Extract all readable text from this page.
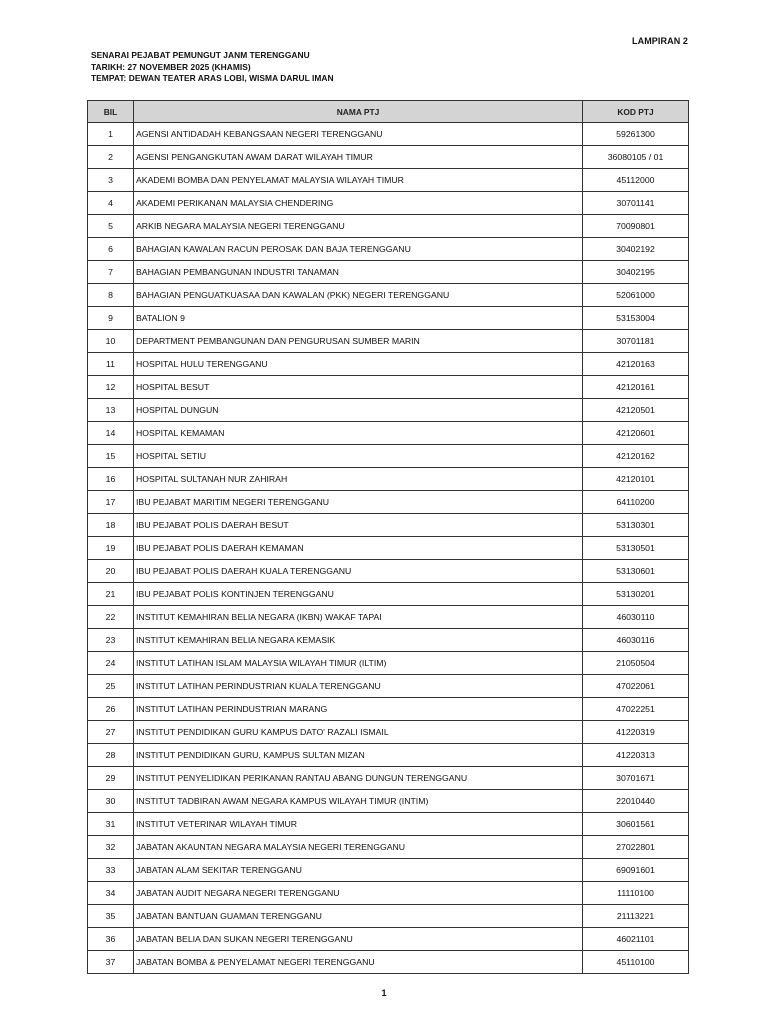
LAMPIRAN 2
SENARAI PEJABAT PEMUNGUT JANM TERENGGANU
TARIKH: 27 NOVEMBER 2025 (KHAMIS)
TEMPAT: DEWAN TEATER ARAS LOBI, WISMA DARUL IMAN
BIL	NAMA PTJ	KOD PTJ
1	AGENSI ANTIDADAH KEBANGSAAN NEGERI TERENGGANU	59261300
2	AGENSI PENGANGKUTAN AWAM DARAT WILAYAH TIMUR	36080105 / 01
3	AKADEMI BOMBA DAN PENYELAMAT MALAYSIA WILAYAH TIMUR	45112000
4	AKADEMI PERIKANAN MALAYSIA CHENDERING	30701141
5	ARKIB NEGARA MALAYSIA NEGERI TERENGGANU	70090801
6	BAHAGIAN KAWALAN RACUN PEROSAK DAN BAJA TERENGGANU	30402192
7	BAHAGIAN PEMBANGUNAN INDUSTRI TANAMAN	30402195
8	BAHAGIAN PENGUATKUASAA DAN KAWALAN (PKK) NEGERI TERENGGANU	52061000
9	BATALION 9	53153004
10	DEPARTMENT PEMBANGUNAN DAN PENGURUSAN SUMBER MARIN	30701181
11	HOSPITAL HULU TERENGGANU	42120163
12	HOSPITAL BESUT	42120161
13	HOSPITAL DUNGUN	42120501
14	HOSPITAL KEMAMAN	42120601
15	HOSPITAL SETIU	42120162
16	HOSPITAL SULTANAH NUR ZAHIRAH	42120101
17	IBU PEJABAT MARITIM NEGERI TERENGGANU	64110200
18	IBU PEJABAT POLIS DAERAH BESUT	53130301
19	IBU PEJABAT POLIS DAERAH KEMAMAN	53130501
20	IBU PEJABAT POLIS DAERAH KUALA TERENGGANU	53130601
21	IBU PEJABAT POLIS KONTINJEN TERENGGANU	53130201
22	INSTITUT KEMAHIRAN BELIA NEGARA (IKBN) WAKAF TAPAI	46030110
23	INSTITUT KEMAHIRAN BELIA NEGARA KEMASIK	46030116
24	INSTITUT LATIHAN ISLAM MALAYSIA WILAYAH TIMUR (ILTIM)	21050504
25	INSTITUT LATIHAN PERINDUSTRIAN KUALA TERENGGANU	47022061
26	INSTITUT LATIHAN PERINDUSTRIAN MARANG	47022251
27	INSTITUT PENDIDIKAN GURU KAMPUS DATO' RAZALI ISMAIL	41220319
28	INSTITUT PENDIDIKAN GURU, KAMPUS SULTAN MIZAN	41220313
29	INSTITUT PENYELIDIKAN PERIKANAN RANTAU ABANG DUNGUN TERENGGANU	30701671
30	INSTITUT TADBIRAN AWAM NEGARA KAMPUS WILAYAH TIMUR (INTIM)	22010440
31	INSTITUT VETERINAR WILAYAH TIMUR	30601561
32	JABATAN AKAUNTAN NEGARA MALAYSIA NEGERI TERENGGANU	27022801
33	JABATAN ALAM SEKITAR TERENGGANU	69091601
34	JABATAN AUDIT NEGARA NEGERI TERENGGANU	11110100
35	JABATAN BANTUAN GUAMAN TERENGGANU	21113221
36	JABATAN BELIA DAN SUKAN NEGERI TERENGGANU	46021101
37	JABATAN BOMBA & PENYELAMAT NEGERI TERENGGANU	45110100
1
